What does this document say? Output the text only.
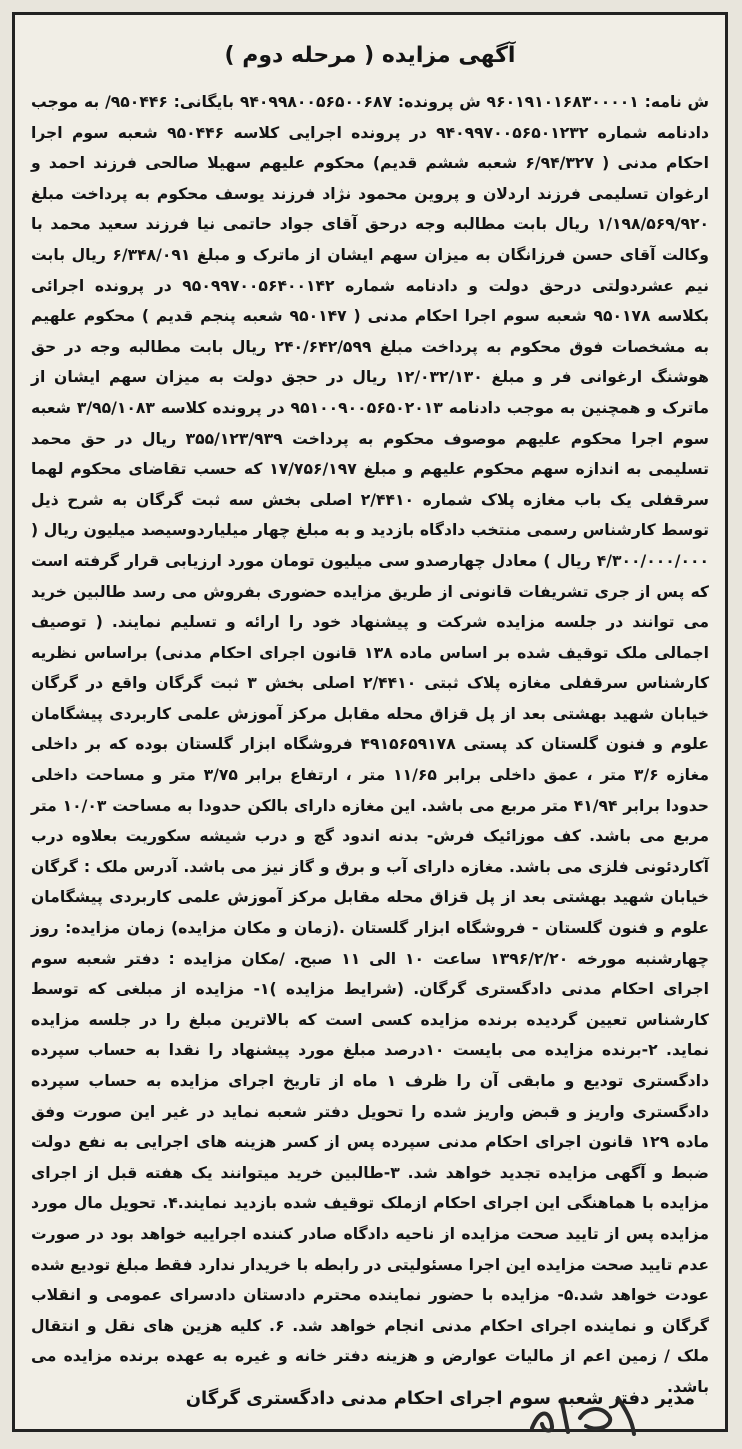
آگهی مزایده ( مرحله دوم )
ش نامه: ۹۶۰۱۹۱۰۱۶۸۳۰۰۰۰۱ ش پرونده: ۹۴۰۹۹۸۰۰۵۶۵۰۰۶۸۷ بایگانی: ۹۵۰۴۴۶/ به موجب دادنامه شماره ۹۴۰۹۹۷۰۰۵۶۵۰۱۲۳۲ در پرونده اجرایی کلاسه ۹۵۰۴۴۶ شعبه سوم اجرا احکام مدنی ( ۶/۹۴/۳۲۷ شعبه ششم قدیم) محکوم علیهم سهیلا صالحی فرزند احمد و ارغوان تسلیمی فرزند اردلان و پروین محمود نژاد فرزند یوسف محکوم به پرداخت مبلغ ۱/۱۹۸/۵۶۹/۹۲۰ ریال بابت مطالبه وجه درحق آقای جواد حاتمی نیا فرزند سعید محمد با وکالت آقای حسن فرزانگان به میزان سهم ایشان از ماترک و مبلغ ۶/۳۴۸/۰۹۱ ریال بابت نیم عشردولتی درحق دولت و دادنامه شماره ۹۵۰۹۹۷۰۰۵۶۴۰۰۱۴۲ در پرونده اجرائی بکلاسه ۹۵۰۱۷۸ شعبه سوم اجرا احکام مدنی ( ۹۵۰۱۴۷ شعبه پنجم قدیم ) محکوم علهیم به مشخصات فوق محکوم به پرداخت مبلغ ۲۴۰/۶۴۲/۵۹۹ ریال بابت مطالبه وجه در حق هوشنگ ارغوانی فر و مبلغ ۱۲/۰۳۲/۱۳۰ ریال در حجق دولت به میزان سهم ایشان از ماترک و همچنین به موجب دادنامه ۹۵۱۰۰۹۰۰۵۶۵۰۲۰۱۳ در پرونده کلاسه ۳/۹۵/۱۰۸۳ شعبه سوم اجرا محکوم علیهم موصوف محکوم به پرداخت ۳۵۵/۱۲۳/۹۳۹ ریال در حق محمد تسلیمی به اندازه سهم محکوم علیهم و مبلغ ۱۷/۷۵۶/۱۹۷ که حسب تقاضای محکوم لهما سرقفلی یک باب مغازه پلاک شماره ۲/۴۴۱۰ اصلی بخش سه ثبت گرگان به شرح ذیل توسط کارشناس رسمی منتخب دادگاه بازدید و به مبلغ چهار میلیاردوسیصد میلیون ریال ( ۴/۳۰۰/۰۰۰/۰۰۰ ریال ) معادل چهارصدو سی میلیون تومان مورد ارزیابی قرار گرفته است که پس از جری تشریفات قانونی از طریق مزایده حضوری بفروش می رسد طالبین خرید می توانند در جلسه مزایده شرکت و پیشنهاد خود را ارائه و تسلیم نمایند. ( توصیف اجمالی ملک توقیف شده بر اساس ماده ۱۳۸ قانون اجرای احکام مدنی) براساس نظریه کارشناس سرقفلی مغازه پلاک ثبتی ۲/۴۴۱۰ اصلی بخش ۳ ثبت گرگان واقع در گرگان خیابان شهید بهشتی بعد از پل قزاق محله مقابل مرکز آموزش علمی کاربردی پیشگامان علوم و فنون گلستان کد پستی ۴۹۱۵۶۵۹۱۷۸ فروشگاه ابزار گلستان بوده که بر داخلی مغازه ۳/۶ متر ، عمق داخلی برابر ۱۱/۶۵ متر ، ارتفاع برابر ۳/۷۵ متر و مساحت داخلی حدودا برابر ۴۱/۹۴ متر مربع می باشد. این مغازه دارای بالکن حدودا به مساحت ۱۰/۰۳ متر مربع می باشد. کف موزائیک فرش- بدنه اندود گچ و درب شیشه سکوریت بعلاوه درب آکاردئونی فلزی می باشد. مغازه دارای آب و برق و گاز نیز می باشد. آدرس ملک : گرگان خیابان شهید بهشتی بعد از پل قزاق محله مقابل مرکز آموزش علمی کاربردی پیشگامان علوم و فنون گلستان - فروشگاه ابزار گلستان .(زمان و مکان مزایده) زمان مزایده: روز چهارشنبه مورخه ۱۳۹۶/۲/۲۰ ساعت ۱۰ الی ۱۱ صبح. /مکان مزایده : دفتر شعبه سوم اجرای احکام مدنی دادگستری گرگان. (شرایط مزایده )۱- مزایده از مبلغی که توسط کارشناس تعیین گردیده برنده مزایده کسی است که بالاترین مبلغ را در جلسه مزایده نماید. ۲-برنده مزایده می بایست ۱۰درصد مبلغ مورد پیشنهاد را نقدا به حساب سپرده دادگستری تودیع و مابقی آن را ظرف ۱ ماه از تاریخ اجرای مزایده به حساب سپرده دادگستری واریز و قبض واریز شده را تحویل دفتر شعبه نماید در غیر این صورت وفق ماده ۱۲۹ قانون اجرای احکام مدنی سپرده پس از کسر هزینه های اجرایی به نفع دولت ضبط و آگهی مزایده تجدید خواهد شد. ۳-طالبین خرید میتوانند یک هفته قبل از اجرای مزایده با هماهنگی این اجرای احکام ازملک توقیف شده بازدید نمایند.۴. تحویل مال مورد مزایده پس از تایید صحت مزایده از ناحیه دادگاه صادر کننده اجراییه خواهد بود در صورت عدم تایید صحت مزایده این اجرا مسئولیتی در رابطه با خریدار ندارد فقط مبلغ تودیع شده عودت خواهد شد.۵- مزایده با حضور نماینده محترم دادستان دادسرای عمومی و انقلاب گرگان و نماینده اجرای احکام مدنی انجام خواهد شد. ۶. کلیه هزین های نقل و انتقال ملک / زمین اعم از مالیات عوارض و هزینه دفتر خانه و غیره به عهده برنده مزایده می باشد.
مدیر دفتر شعبه سوم اجرای احکام مدنی دادگستری گرگان
